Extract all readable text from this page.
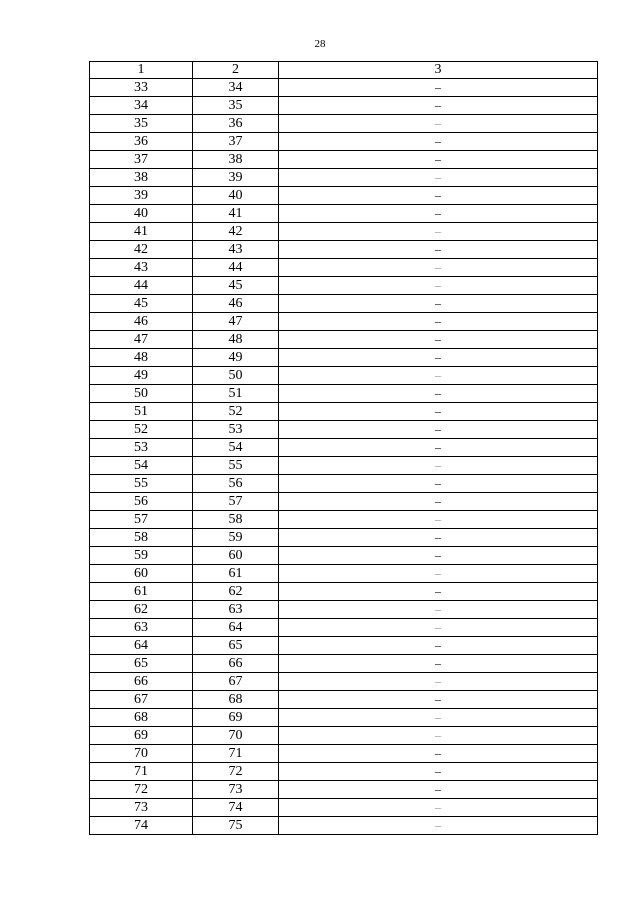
28
1	2	3
33	34	–
34	35	–
35	36	–
36	37	–
37	38	–
38	39	–
39	40	–
40	41	–
41	42	–
42	43	–
43	44	–
44	45	–
45	46	–
46	47	–
47	48	–
48	49	–
49	50	–
50	51	–
51	52	–
52	53	–
53	54	–
54	55	–
55	56	–
56	57	–
57	58	–
58	59	–
59	60	–
60	61	–
61	62	–
62	63	–
63	64	–
64	65	–
65	66	–
66	67	–
67	68	–
68	69	–
69	70	–
70	71	–
71	72	–
72	73	–
73	74	–
74	75	–
